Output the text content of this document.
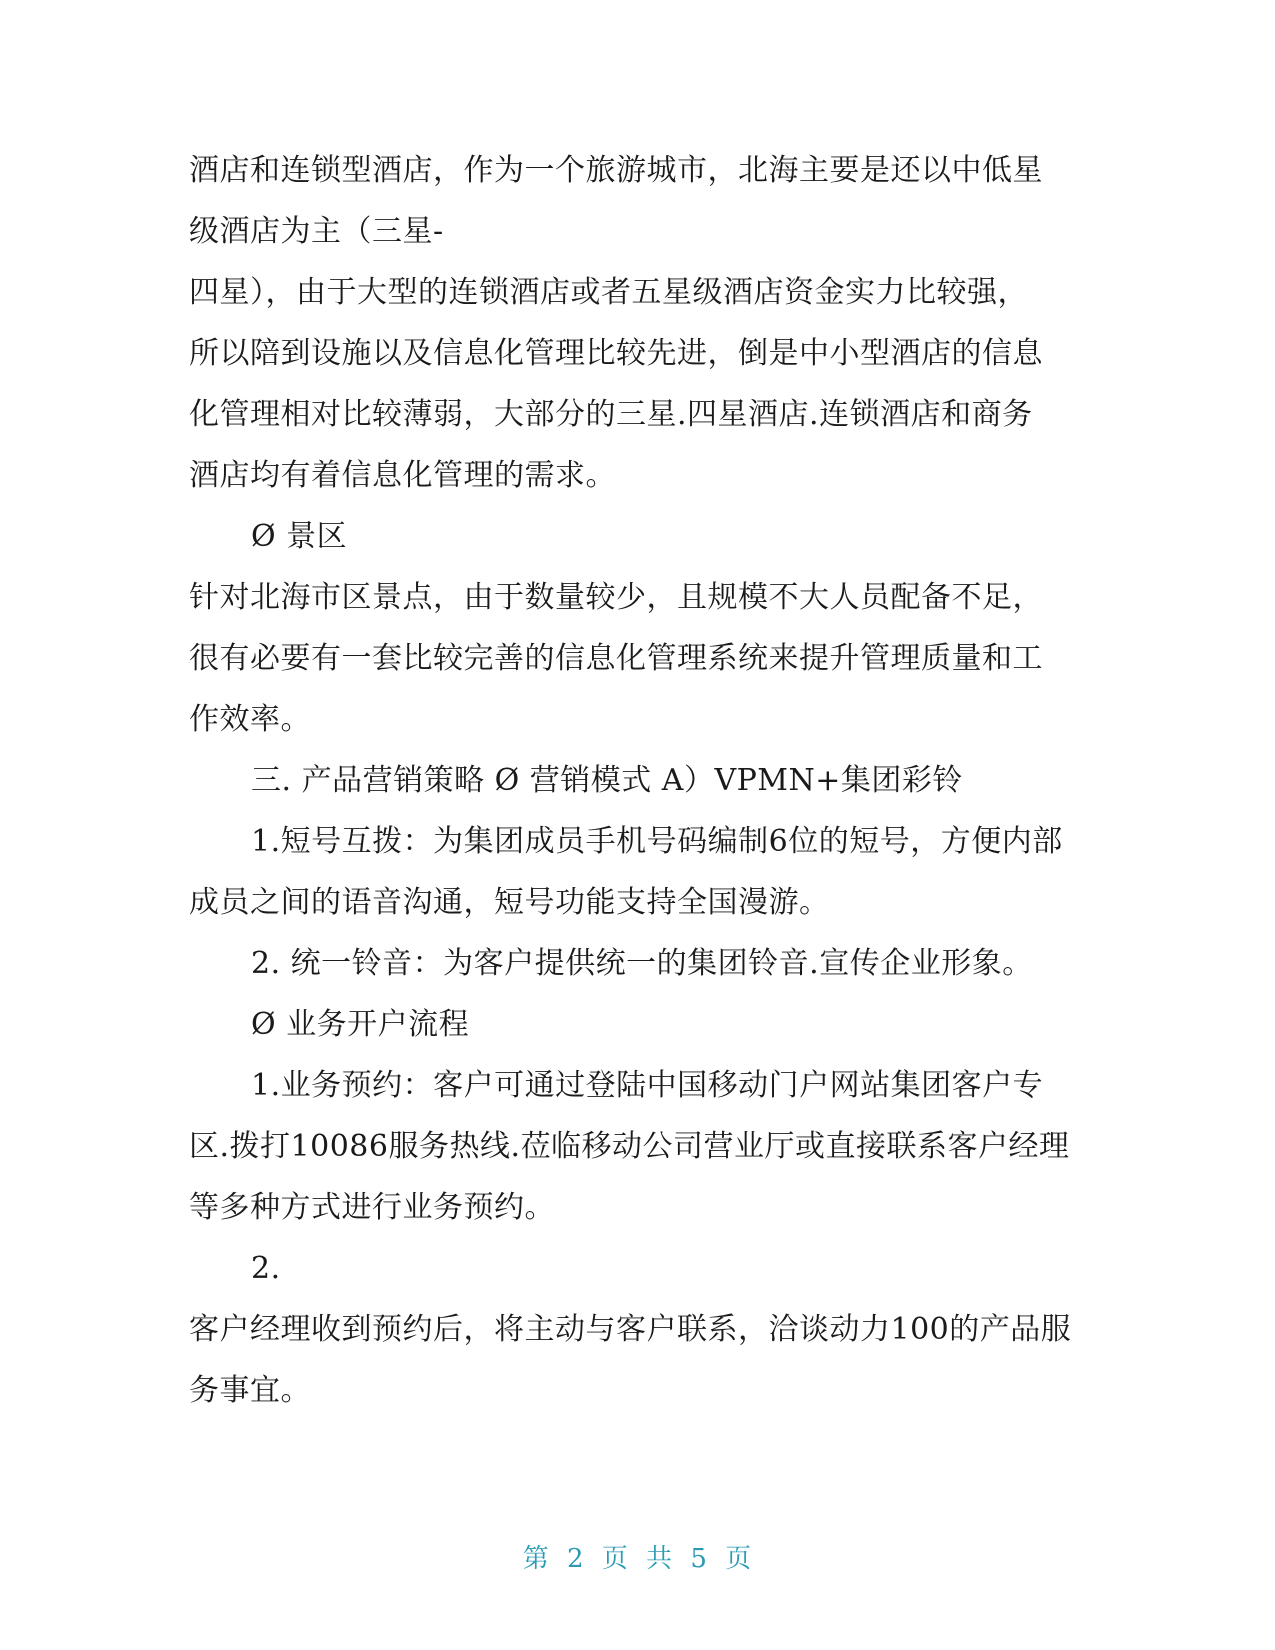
酒店和连锁型酒店，作为一个旅游城市，北海主要是还以中低星
级酒店为主（三星-
四星），由于大型的连锁酒店或者五星级酒店资金实力比较强，
所以陪到设施以及信息化管理比较先进，倒是中小型酒店的信息
化管理相对比较薄弱，大部分的三星.四星酒店.连锁酒店和商务
酒店均有着信息化管理的需求。
Ø 景区
针对北海市区景点，由于数量较少，且规模不大人员配备不足，
很有必要有一套比较完善的信息化管理系统来提升管理质量和工
作效率。
三. 产品营销策略 Ø 营销模式 A）VPMN+集团彩铃
1.短号互拨：为集团成员手机号码编制6位的短号，方便内部
成员之间的语音沟通，短号功能支持全国漫游。
2. 统一铃音：为客户提供统一的集团铃音.宣传企业形象。
Ø 业务开户流程
1.业务预约：客户可通过登陆中国移动门户网站集团客户专
区.拨打10086服务热线.莅临移动公司营业厅或直接联系客户经理
等多种方式进行业务预约。
2.
客户经理收到预约后，将主动与客户联系，洽谈动力100的产品服
务事宜。
第 2 页 共 5 页
